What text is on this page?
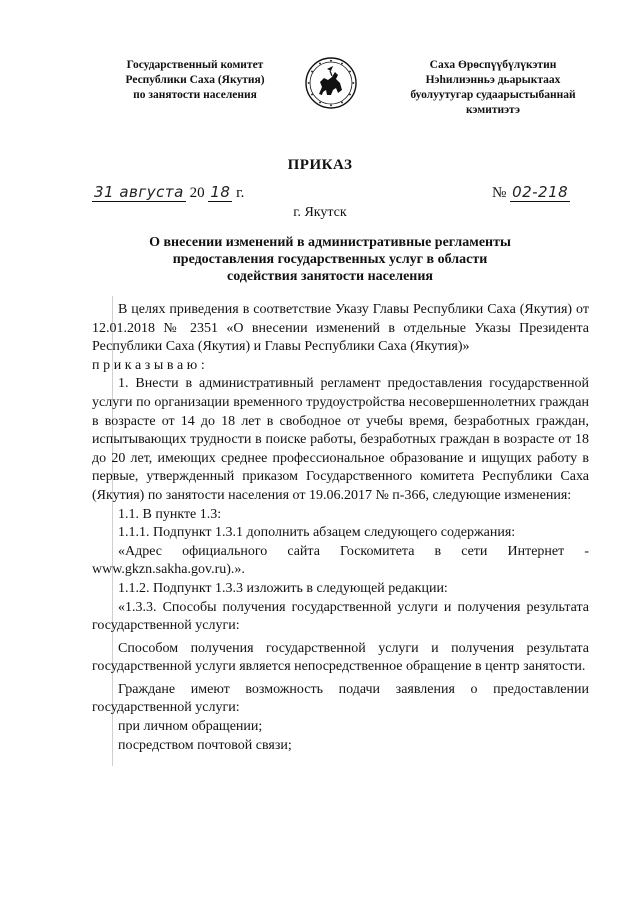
Государственный комитет
Республики Саха (Якутия)
по занятости населения
Саха Өрөспүүбүлүкэтин
Нэһилиэнньэ дьарыктаах
буолуутугар судаарыстыбаннай
кэмитиэтэ
ПРИКАЗ
31 августа 20 18 г.	№ 02-218
г. Якутск
О внесении изменений в административные регламенты
предоставления государственных услуг в области
содействия занятости населения

В целях приведения в соответствие Указу Главы Республики Саха (Якутия) от 12.01.2018 № 2351 «О внесении изменений в отдельные Указы Президента Республики Саха (Якутия) и Главы Республики Саха (Якутия)»

приказываю:

1. Внести в административный регламент предоставления государственной услуги по организации временного трудоустройства несовершеннолетних граждан в возрасте от 14 до 18 лет в свободное от учебы время, безработных граждан, испытывающих трудности в поиске работы, безработных граждан в возрасте от 18 до 20 лет, имеющих среднее профессиональное образование и ищущих работу в первые, утвержденный приказом Государственного комитета Республики Саха (Якутия) по занятости населения от 19.06.2017 № п-366, следующие изменения:

1.1. В пункте 1.3:

1.1.1. Подпункт 1.3.1 дополнить абзацем следующего содержания:

«Адрес официального сайта Госкомитета в сети Интернет - www.gkzn.sakha.gov.ru).».

1.1.2. Подпункт 1.3.3 изложить в следующей редакции:

«1.3.3. Способы получения государственной услуги и получения результата государственной услуги:

Способом получения государственной услуги и получения результата государственной услуги является непосредственное обращение в центр занятости.

Граждане имеют возможность подачи заявления о предоставлении государственной услуги:

при личном обращении;

посредством почтовой связи;
